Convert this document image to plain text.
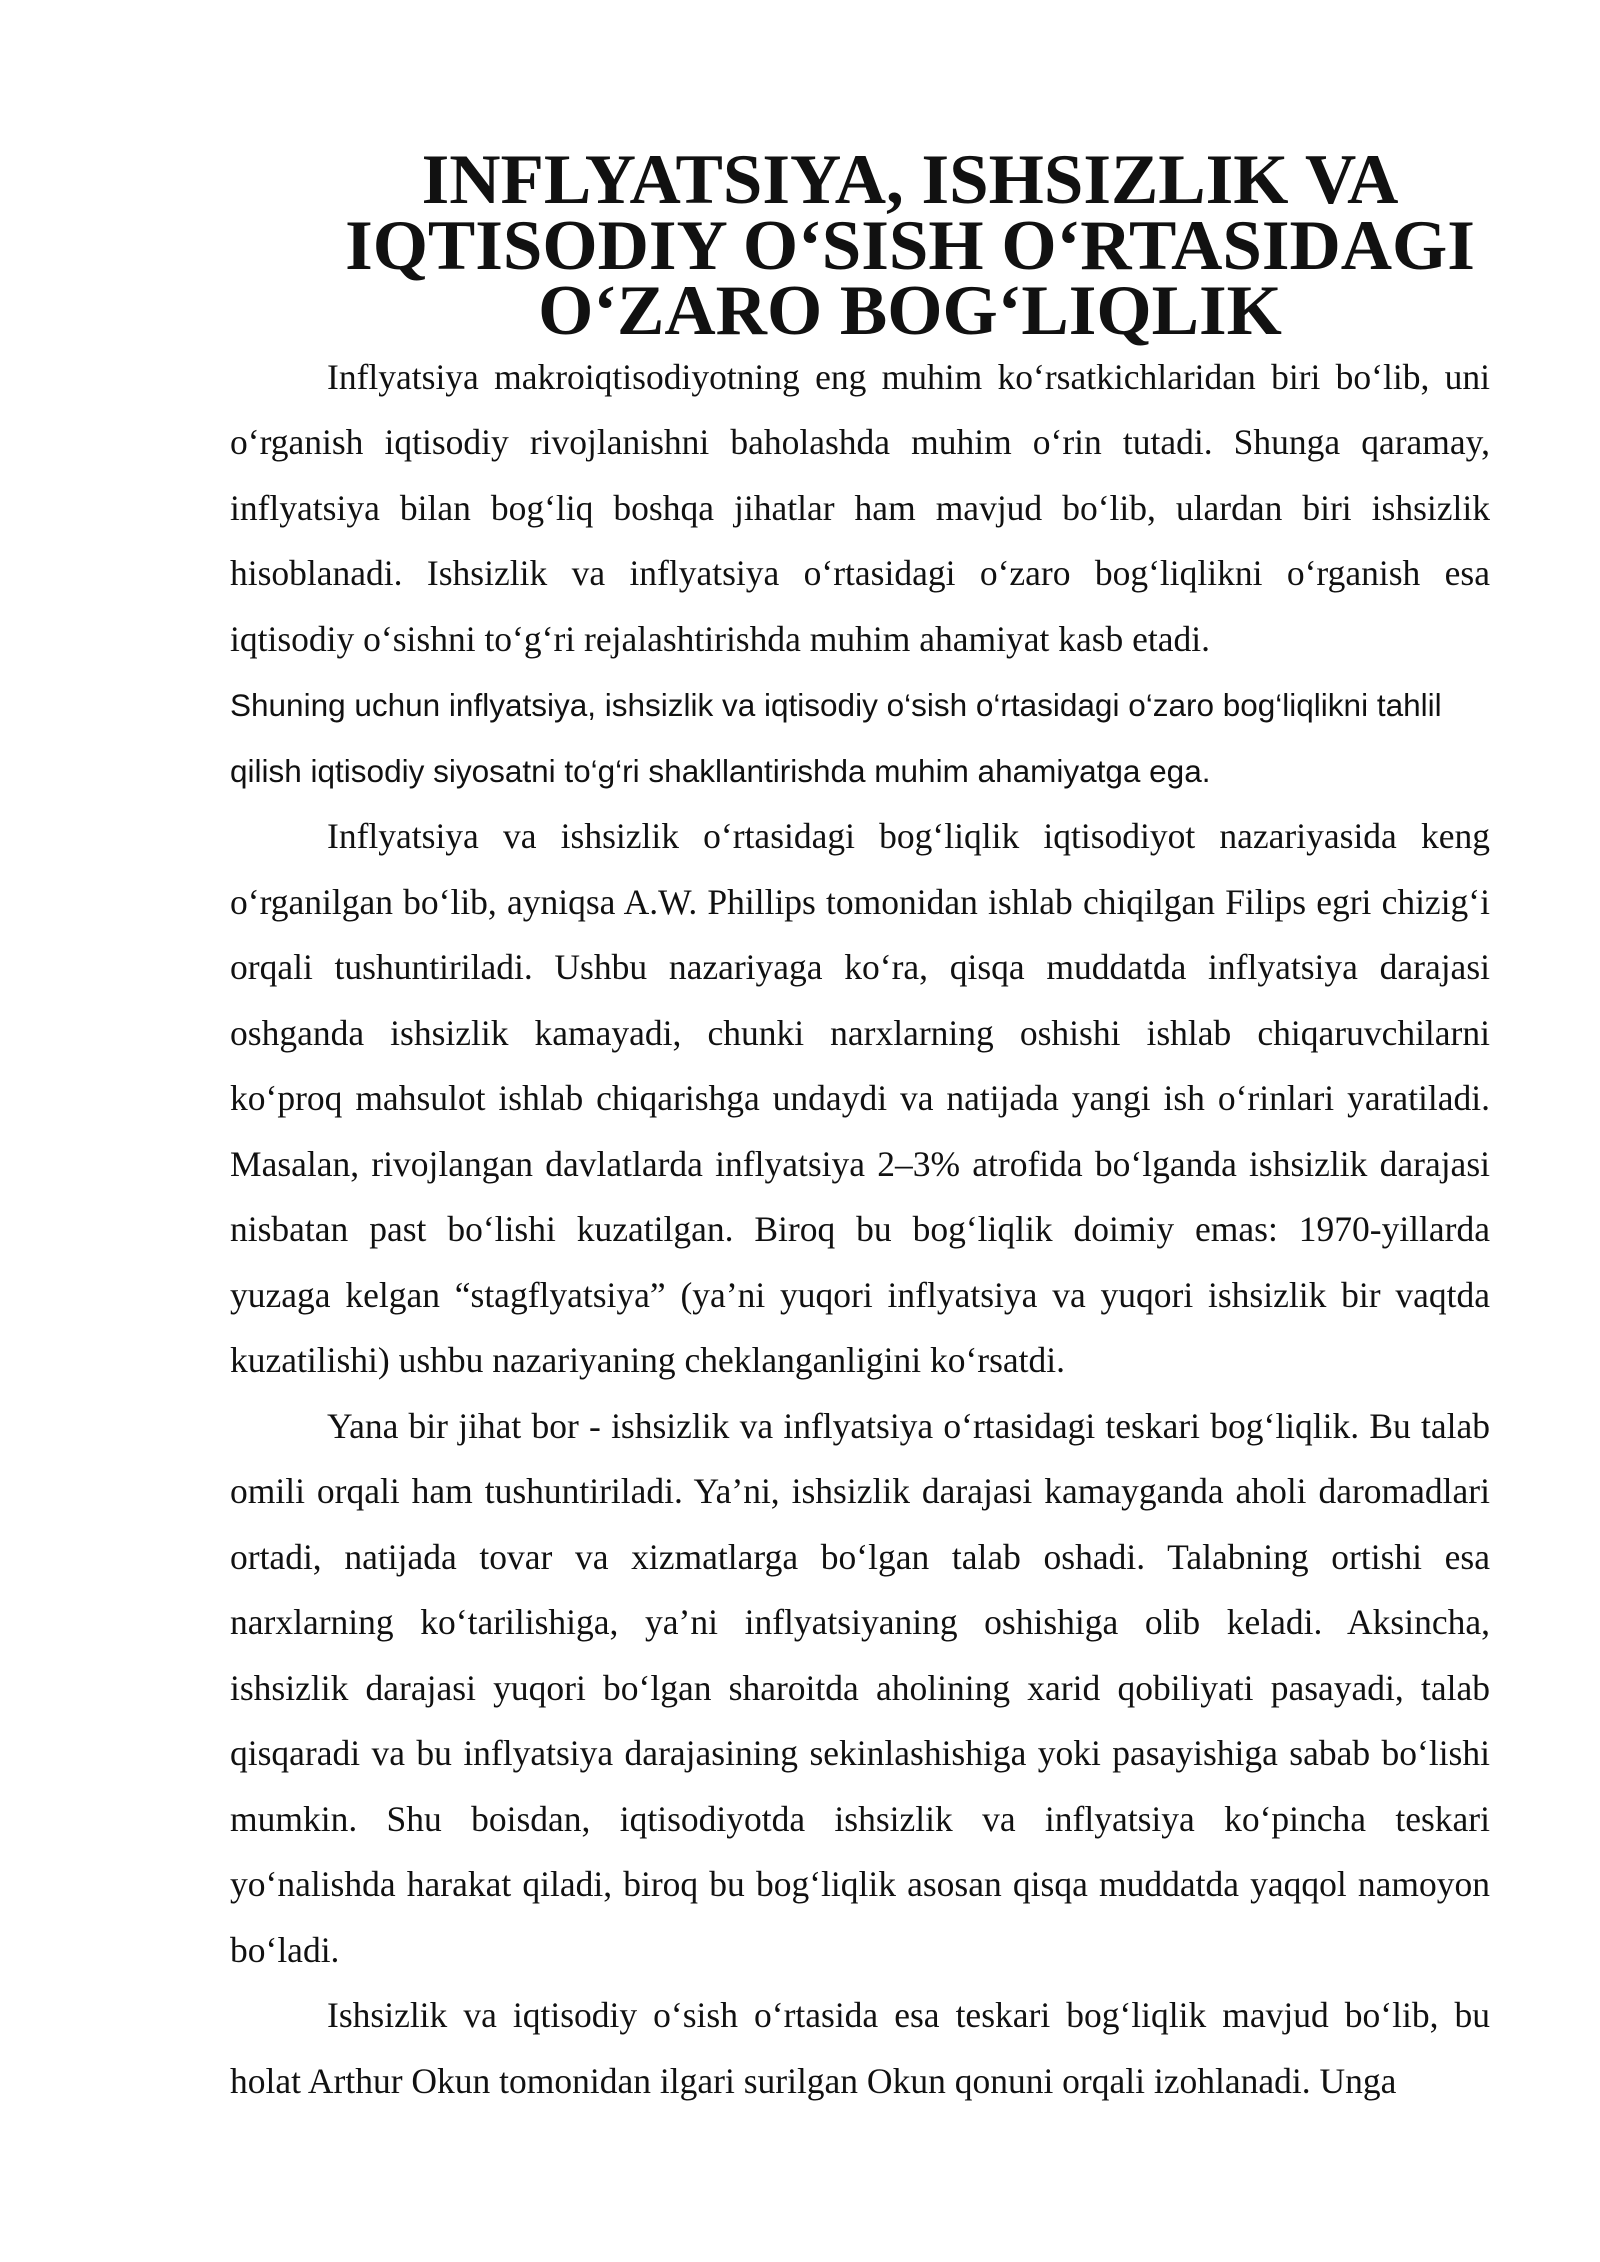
INFLYATSIYA, ISHSIZLIK VA IQTISODIY O‘SISH O‘RTASIDAGI
O‘ZARO BOG‘LIQLIK

Inflyatsiya makroiqtisodiyotning eng muhim ko‘rsatkichlaridan biri bo‘lib, uni o‘rganish iqtisodiy rivojlanishni baholashda muhim o‘rin tutadi. Shunga qaramay, inflyatsiya bilan bog‘liq boshqa jihatlar ham mavjud bo‘lib, ulardan biri ishsizlik hisoblanadi. Ishsizlik va inflyatsiya o‘rtasidagi o‘zaro bog‘liqlikni o‘rganish esa iqtisodiy o‘sishni to‘g‘ri rejalashtirishda muhim ahamiyat kasb etadi.

Shuning uchun inflyatsiya, ishsizlik va iqtisodiy o‘sish o‘rtasidagi o‘zaro bog‘liqlikni tahlil qilish iqtisodiy siyosatni to‘g‘ri shakllantirishda muhim ahamiyatga ega.

Inflyatsiya va ishsizlik o‘rtasidagi bog‘liqlik iqtisodiyot nazariyasida keng o‘rganilgan bo‘lib, ayniqsa A.W. Phillips tomonidan ishlab chiqilgan Filips egri chizig‘i orqali tushuntiriladi. Ushbu nazariyaga ko‘ra, qisqa muddatda inflyatsiya darajasi oshganda ishsizlik kamayadi, chunki narxlarning oshishi ishlab chiqaruvchilarni ko‘proq mahsulot ishlab chiqarishga undaydi va natijada yangi ish o‘rinlari yaratiladi. Masalan, rivojlangan davlatlarda inflyatsiya 2–3% atrofida bo‘lganda ishsizlik darajasi nisbatan past bo‘lishi kuzatilgan. Biroq bu bog‘liqlik doimiy emas: 1970-yillarda yuzaga kelgan “stagflyatsiya” (ya’ni yuqori inflyatsiya va yuqori ishsizlik bir vaqtda kuzatilishi) ushbu nazariyaning cheklanganligini ko‘rsatdi.

Yana bir jihat bor - ishsizlik va inflyatsiya o‘rtasidagi teskari bog‘liqlik. Bu talab omili orqali ham tushuntiriladi. Ya’ni, ishsizlik darajasi kamayganda aholi daromadlari ortadi, natijada tovar va xizmatlarga bo‘lgan talab oshadi. Talabning ortishi esa narxlarning ko‘tarilishiga, ya’ni inflyatsiyaning oshishiga olib keladi. Aksincha, ishsizlik darajasi yuqori bo‘lgan sharoitda aholining xarid qobiliyati pasayadi, talab qisqaradi va bu inflyatsiya darajasining sekinlashishiga yoki pasayishiga sabab bo‘lishi mumkin. Shu boisdan, iqtisodiyotda ishsizlik va inflyatsiya ko‘pincha teskari yo‘nalishda harakat qiladi, biroq bu bog‘liqlik asosan qisqa muddatda yaqqol namoyon bo‘ladi.

Ishsizlik va iqtisodiy o‘sish o‘rtasida esa teskari bog‘liqlik mavjud bo‘lib, bu holat Arthur Okun tomonidan ilgari surilgan Okun qonuni orqali izohlanadi. Unga
